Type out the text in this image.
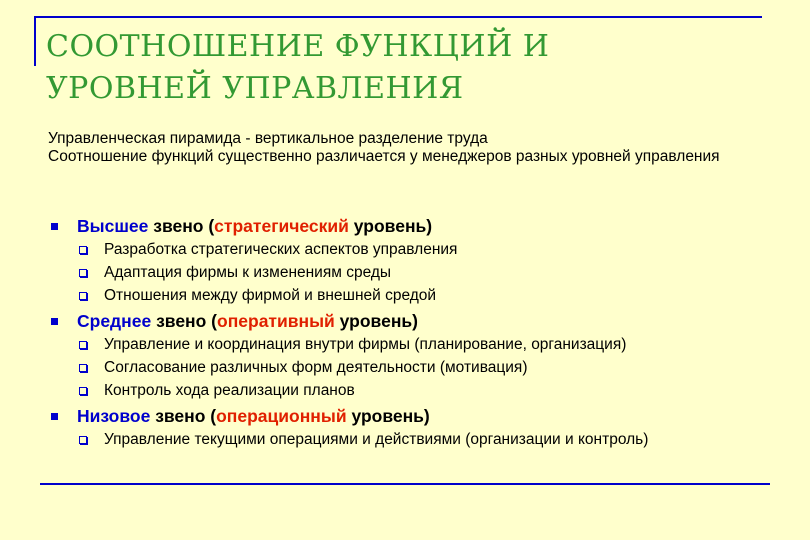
СООТНОШЕНИЕ ФУНКЦИЙ И
УРОВНЕЙ УПРАВЛЕНИЯ

Управленческая пирамида - вертикальное разделение труда

Соотношение функций существенно различается у менеджеров разных уровней управления

Высшее звено (стратегический уровень)
Разработка стратегических аспектов управления
Адаптация фирмы к изменениям среды
Отношения между фирмой и внешней средой
Среднее звено (оперативный уровень)
Управление и координация внутри фирмы (планирование, организация)
Согласование различных форм деятельности (мотивация)
Контроль хода реализации планов
Низовое звено (операционный уровень)
Управление текущими операциями и действиями (организации и контроль)
